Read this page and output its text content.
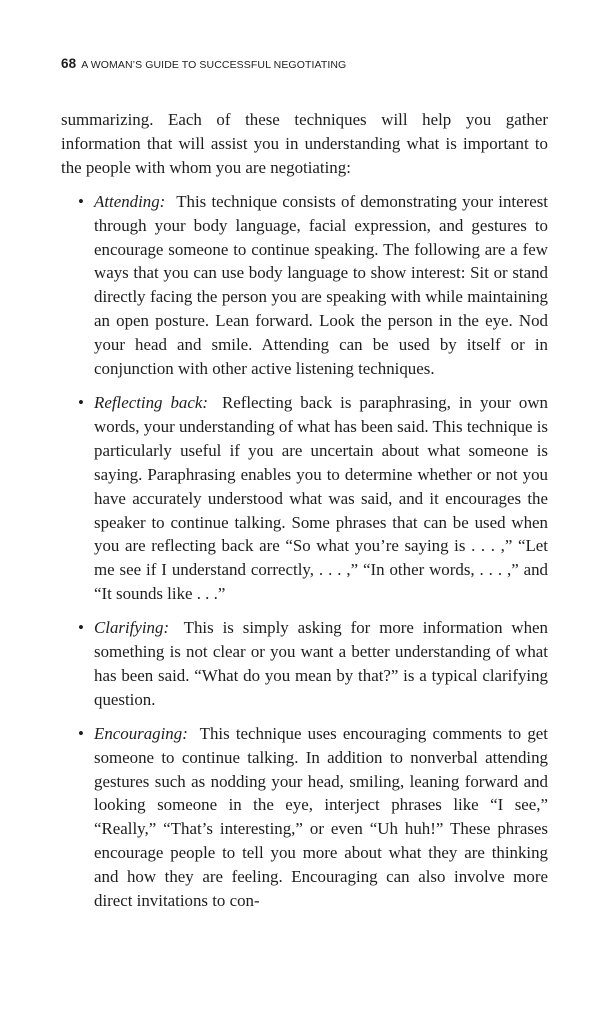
68 A WOMAN’S GUIDE TO SUCCESSFUL NEGOTIATING

summarizing. Each of these techniques will help you gather information that will assist you in understanding what is important to the people with whom you are negotiating:

• Attending: This technique consists of demonstrating your interest through your body language, facial expression, and gestures to encourage someone to continue speaking. The following are a few ways that you can use body language to show interest: Sit or stand directly facing the person you are speaking with while maintaining an open posture. Lean forward. Look the person in the eye. Nod your head and smile. Attending can be used by itself or in conjunction with other active listening techniques.
• Reflecting back: Reflecting back is paraphrasing, in your own words, your understanding of what has been said. This technique is particularly useful if you are uncertain about what someone is saying. Paraphrasing enables you to determine whether or not you have accurately understood what was said, and it encourages the speaker to continue talking. Some phrases that can be used when you are reflecting back are “So what you’re saying is . . . ,” “Let me see if I understand correctly, . . . ,” “In other words, . . . ,” and “It sounds like . . .”
• Clarifying: This is simply asking for more information when something is not clear or you want a better understanding of what has been said. “What do you mean by that?” is a typical clarifying question.
• Encouraging: This technique uses encouraging comments to get someone to continue talking. In addition to nonverbal attending gestures such as nodding your head, smiling, leaning forward and looking someone in the eye, interject phrases like “I see,” “Really,” “That’s interesting,” or even “Uh huh!” These phrases encourage people to tell you more about what they are thinking and how they are feeling. Encouraging can also involve more direct invitations to con-
